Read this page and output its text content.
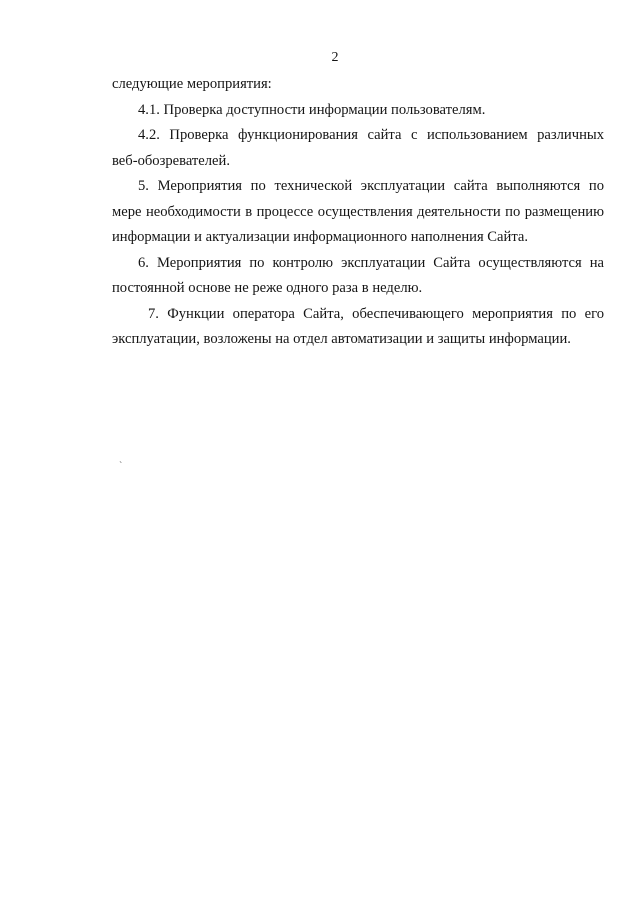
2
следующие мероприятия:
4.1. Проверка доступности информации пользователям.
4.2. Проверка функционирования сайта с использованием различных
веб-обозревателей.
5. Мероприятия по технической эксплуатации сайта выполняются по
мере необходимости в процессе осуществления деятельности по размещению
информации и актуализации информационного наполнения Сайта.
6. Мероприятия по контролю эксплуатации Сайта осуществляются на
постоянной основе не реже одного раза в неделю.
7. Функции оператора Сайта, обеспечивающего мероприятия по его
эксплуатации, возложены на отдел автоматизации и защиты информации.
`
